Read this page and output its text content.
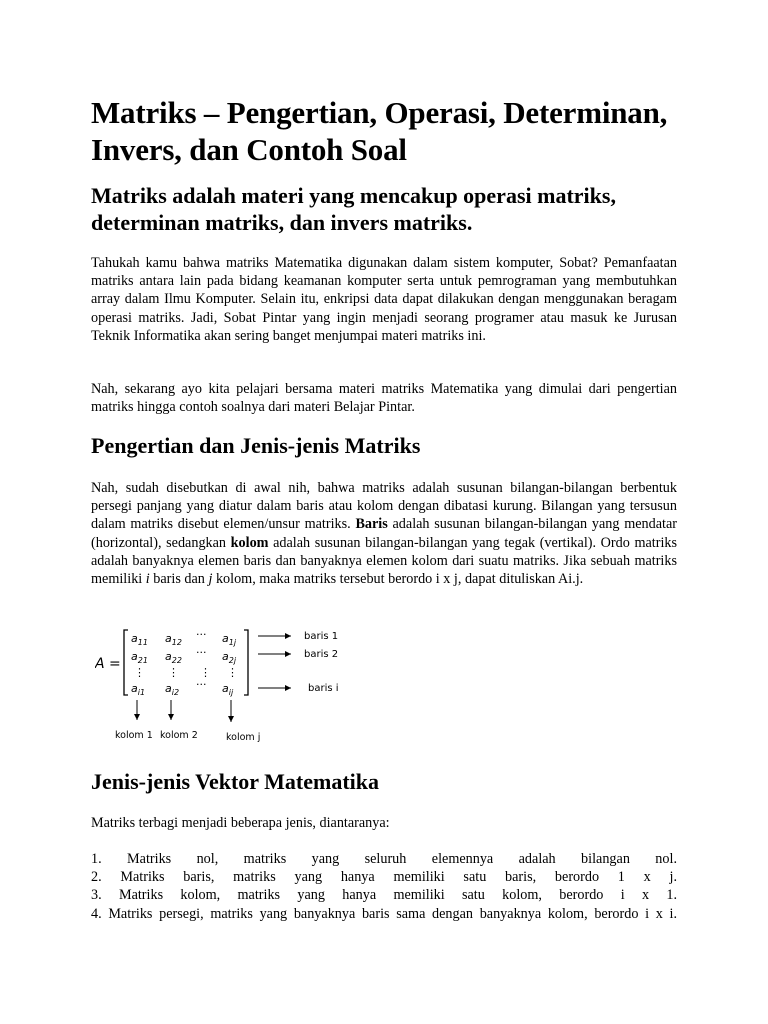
Matriks – Pengertian, Operasi, Determinan, Invers, dan Contoh Soal
Matriks adalah materi yang mencakup operasi matriks, determinan matriks, dan invers matriks.

Tahukah kamu bahwa matriks Matematika digunakan dalam sistem komputer, Sobat? Pemanfaatan matriks antara lain pada bidang keamanan komputer serta untuk pemrograman yang membutuhkan array dalam Ilmu Komputer. Selain itu, enkripsi data dapat dilakukan dengan menggunakan beragam operasi matriks. Jadi, Sobat Pintar yang ingin menjadi seorang programer atau masuk ke Jurusan Teknik Informatika akan sering banget menjumpai materi matriks ini.

Nah, sekarang ayo kita pelajari bersama materi matriks Matematika yang dimulai dari pengertian matriks hingga contoh soalnya dari materi Belajar Pintar.

Pengertian dan Jenis-jenis Matriks

Nah, sudah disebutkan di awal nih, bahwa matriks adalah susunan bilangan-bilangan berbentuk persegi panjang yang diatur dalam baris atau kolom dengan dibatasi kurung. Bilangan yang tersusun dalam matriks disebut elemen/unsur matriks. Baris adalah susunan bilangan-bilangan yang mendatar (horizontal), sedangkan kolom adalah susunan bilangan-bilangan yang tegak (vertikal). Ordo matriks adalah banyaknya elemen baris dan banyaknya elemen kolom dari suatu matriks. Jika sebuah matriks memiliki i baris dan j kolom, maka matriks tersebut berordo i x j, dapat dituliskan Ai.j.

Jenis-jenis Vektor Matematika

Matriks terbagi menjadi beberapa jenis, diantaranya:

1. Matriks nol, matriks yang seluruh elemennya adalah bilangan nol.
2. Matriks baris, matriks yang hanya memiliki satu baris, berordo 1 x j.
3. Matriks kolom, matriks yang hanya memiliki satu kolom, berordo i x 1.
4. Matriks persegi, matriks yang banyaknya baris sama dengan banyaknya kolom, berordo i x i.
A =
$a_{11}$ $a_{12}$
··· $a_{1j}$
$a_{21}$ $a_{22}$
··· $a_{2j}$
⋮ ⋮ ⋮ ⋮
$a_{i1}$ $a_{i2}$
··· $a_{ij}$
baris 1
baris 2
baris i
kolom 1 kolom 2	kolom j
